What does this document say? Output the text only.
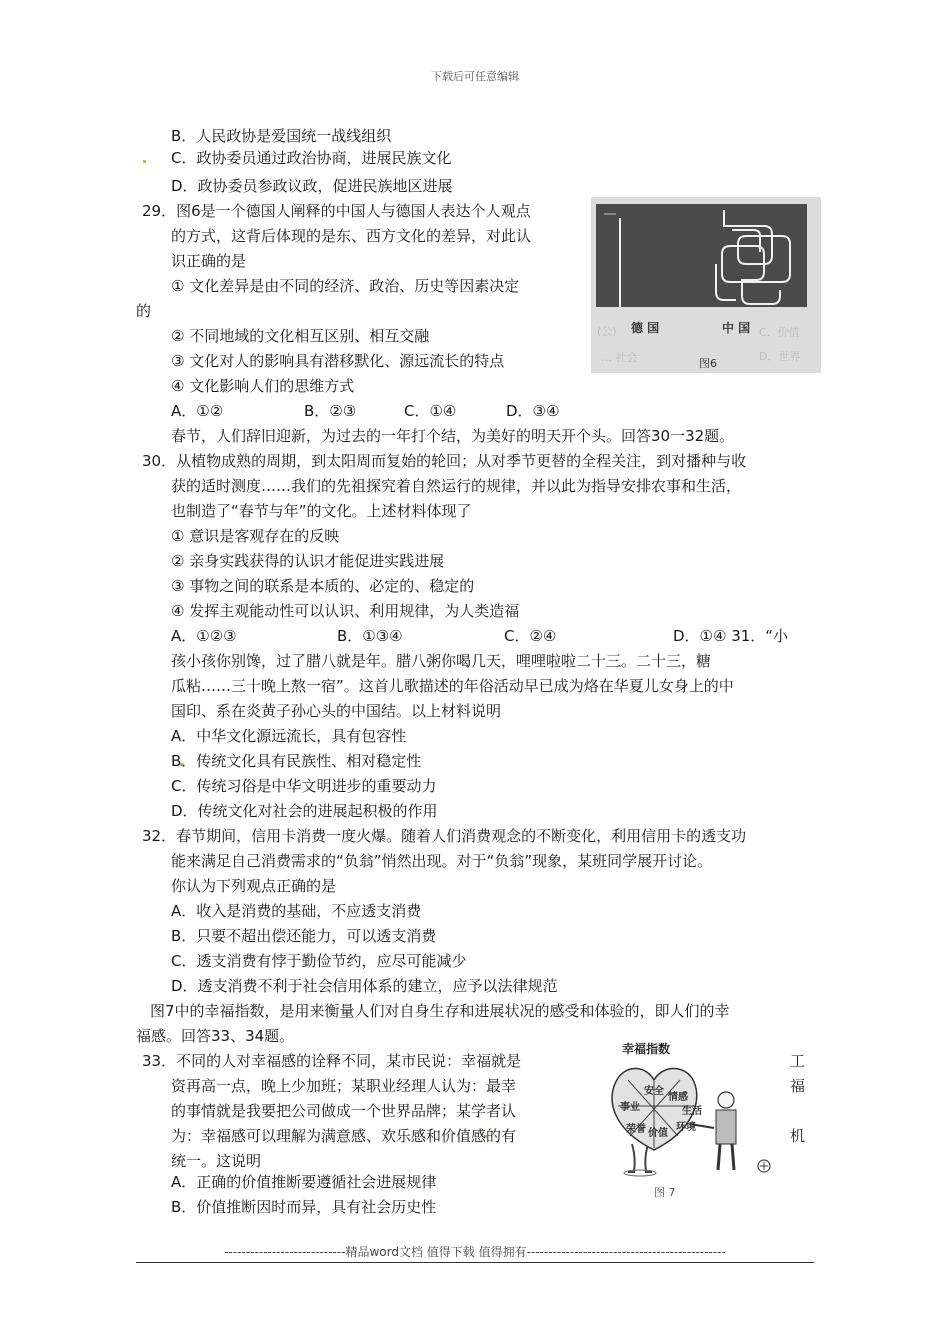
下载后可任意编辑
B．人民政协是爱国统一战线组织
C．政协委员通过政治协商，进展民族文化
D．政协委员参政议政，促进民族地区进展
29．图6是一个德国人阐释的中国人与德国人表达个人观点
的方式，这背后体现的是东、西方文化的差异，对此认
识正确的是
① 文化差异是由不同的经济、政治、历史等因素决定
的
② 不同地域的文化相互区别、相互交融
③ 文化对人的影响具有潜移默化、源远流长的特点
④ 文化影响人们的思维方式
A．①②	B．②③	C．①④	D．③④
德 国	中 国
(公)	C．价值
D．世界
… 社会	图6
春节，人们辞旧迎新，为过去的一年打个结，为美好的明天开个头。回答30一32题。
30．从植物成熟的周期，到太阳周而复始的轮回；从对季节更替的全程关注，到对播种与收
获的适时测度……我们的先祖探究着自然运行的规律，并以此为指导安排农事和生活，
也制造了“春节与年”的文化。上述材料体现了
① 意识是客观存在的反映
② 亲身实践获得的认识才能促进实践进展
③ 事物之间的联系是本质的、必定的、稳定的
④ 发挥主观能动性可以认识、利用规律，为人类造福
A．①②③	B．①③④	C．②④	D．①④ 31．“小
孩小孩你别馋，过了腊八就是年。腊八粥你喝几天，哩哩啦啦二十三。二十三，糖
瓜粘……三十晚上熬一宿”。这首儿歌描述的年俗活动早已成为烙在华夏儿女身上的中
国印、系在炎黄子孙心头的中国结。以上材料说明
A．中华文化源远流长，具有包容性
B．传统文化具有民族性、相对稳定性
C．传统习俗是中华文明进步的重要动力
D．传统文化对社会的进展起积极的作用
32．春节期间，信用卡消费一度火爆。随着人们消费观念的不断变化，利用信用卡的透支功
能来满足自己消费需求的“负翁”悄然出现。对于“负翁”现象，某班同学展开讨论。
你认为下列观点正确的是
A．收入是消费的基础，不应透支消费
B．只要不超出偿还能力，可以透支消费
C．透支消费有悖于勤俭节约，应尽可能减少
D．透支消费不利于社会信用体系的建立，应予以法律规范
图7中的幸福指数，是用来衡量人们对自身生存和进展状况的感受和体验的，即人们的幸
福感。回答33、34题。
33．不同的人对幸福感的诠释不同，某市民说：幸福就是	工
资再高一点，晚上少加班；某职业经理人认为：最幸	福
的事情就是我要把公司做成一个世界品牌；某学者认
为：幸福感可以理解为满意感、欢乐感和价值感的有	机
统一。这说明
A．正确的价值推断要遵循社会进展规律
B．价值推断因时而异，具有社会历史性
幸福指数
安全
情感
生活
环境
事业
荣誉 价值
图 7
----------------------------精品word文档 值得下载 值得拥有----------------------------------------------
